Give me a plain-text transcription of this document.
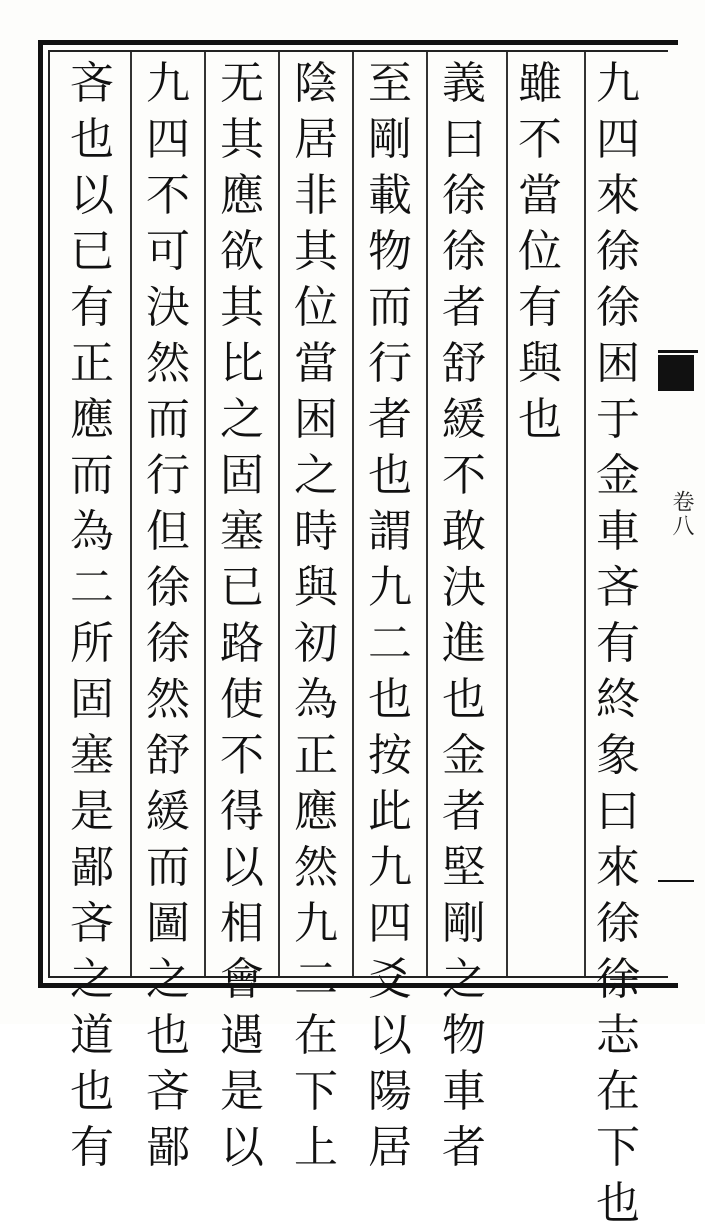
九
四
來
徐
徐
困
于
金
車
吝
有
終
象
曰
來
徐
徐
志
在
下
也
雖
不
當
位
有
與
也
義
曰
徐
徐
者
舒
緩
不
敢
決
進
也
金
者
堅
剛
之
物
車
者
至
剛
載
物
而
行
者
也
謂
九
二
也
按
此
九
四
爻
以
陽
居
陰
居
非
其
位
當
困
之
時
與
初
為
正
應
然
九
二
在
下
上
无
其
應
欲
其
比
之
固
塞
已
路
使
不
得
以
相
會
遇
是
以
九
四
不
可
決
然
而
行
但
徐
徐
然
舒
緩
而
圖
之
也
吝
鄙
吝
也
以
已
有
正
應
而
為
二
所
固
塞
是
鄙
吝
之
道
也
有
卷八
